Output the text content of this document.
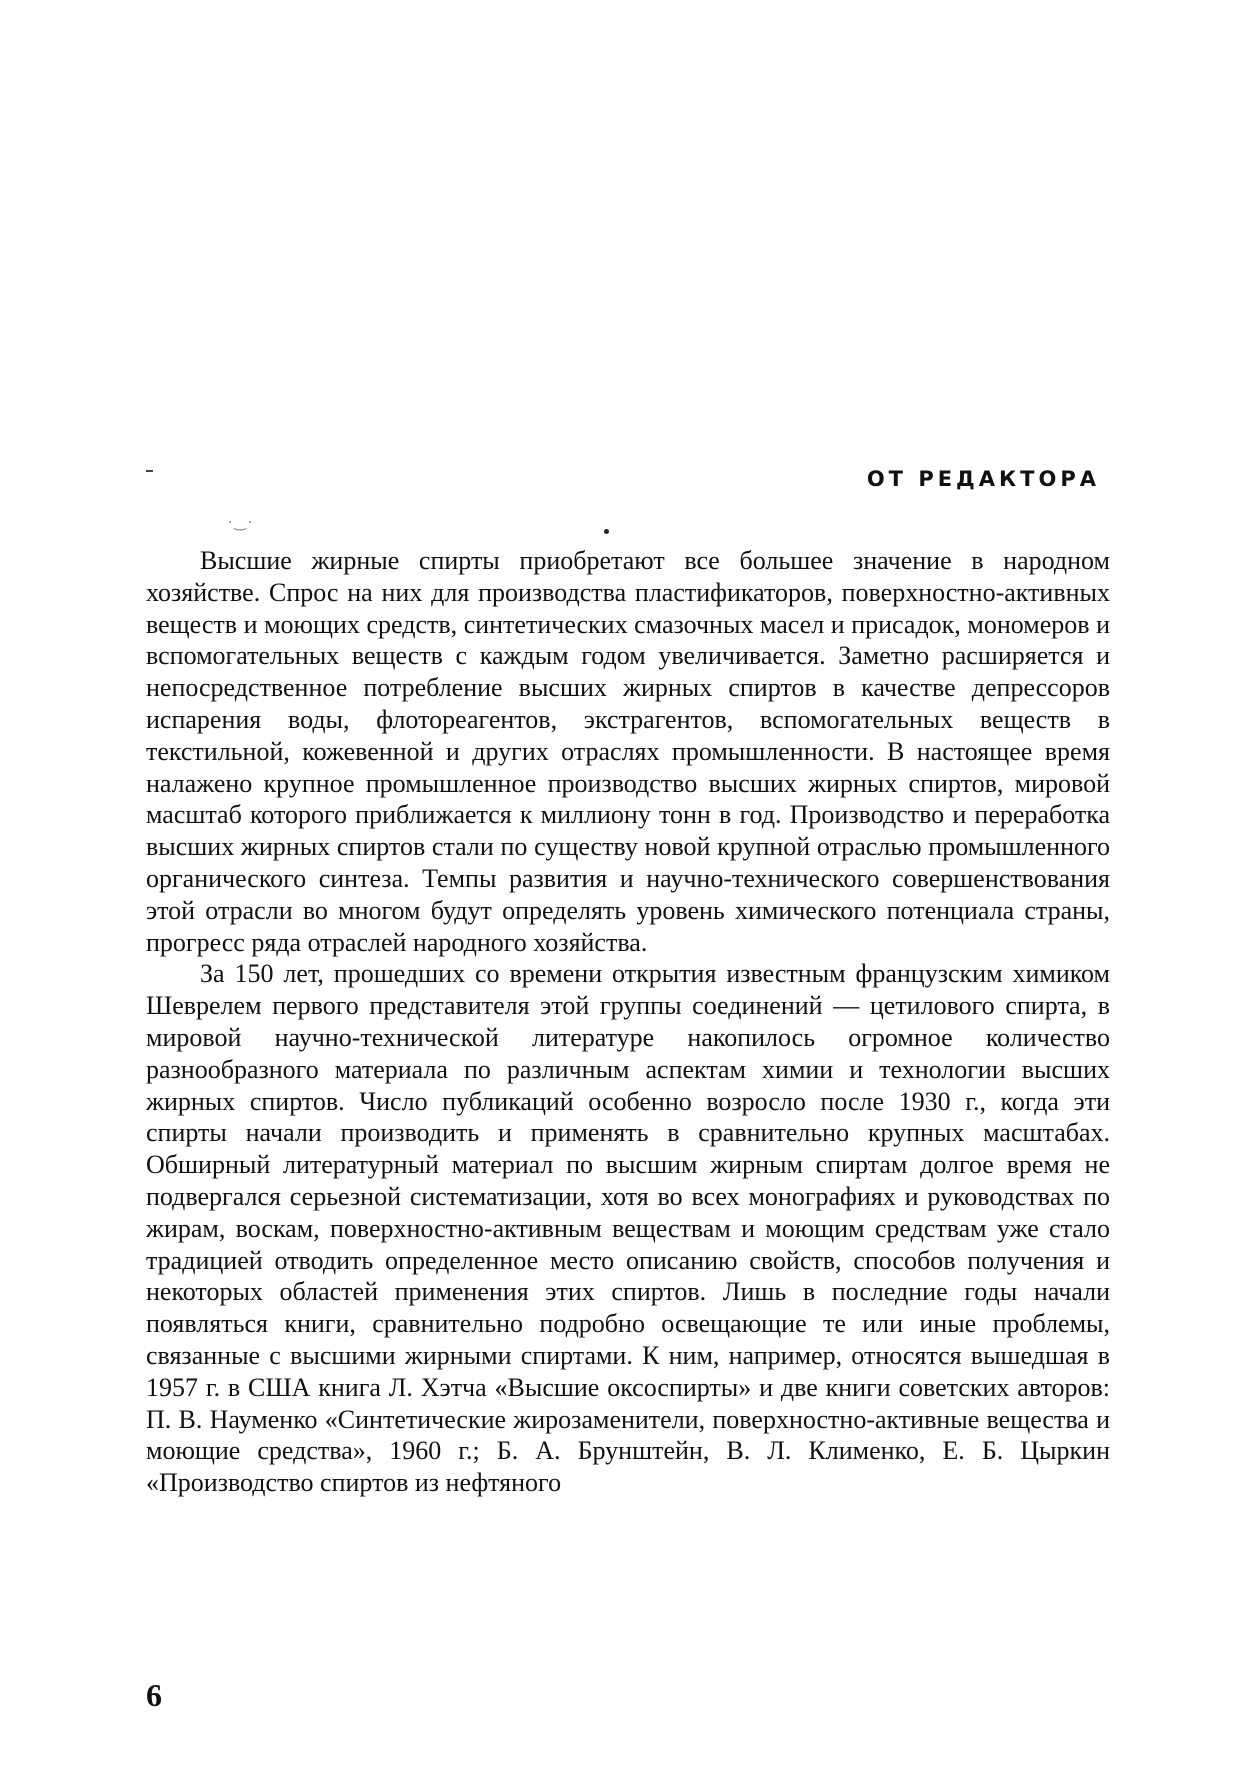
·‿·
ОТ РЕДАКТОРА

Высшие жирные спирты приобретают все большее значение в народном хозяйстве. Спрос на них для производства пластификаторов, поверхностно-активных веществ и моющих средств, синтетических смазочных масел и присадок, мономеров и вспомогательных веществ с каждым годом увеличивается. Заметно расширяется и непосредственное потребление высших жирных спиртов в качестве депрессоров испарения воды, флотореагентов, экстрагентов, вспомогательных веществ в текстильной, кожевенной и других отраслях промышленности. В настоящее время налажено крупное промышленное производство высших жирных спиртов, мировой масштаб которого приближается к миллиону тонн в год. Производство и переработка высших жирных спиртов стали по существу новой крупной отраслью промышленного органического синтеза. Темпы развития и научно-технического совершенствования этой отрасли во многом будут определять уровень химического потенциала страны, прогресс ряда отраслей народного хозяйства.

За 150 лет, прошедших со времени открытия известным французским химиком Шеврелем первого представителя этой группы соединений — цетилового спирта, в мировой научно-технической литературе накопилось огромное количество разнообразного материала по различным аспектам химии и технологии высших жирных спиртов. Число публикаций особенно возросло после 1930 г., когда эти спирты начали производить и применять в сравнительно крупных масштабах. Обширный литературный материал по высшим жирным спиртам долгое время не подвергался серьезной систематизации, хотя во всех монографиях и руководствах по жирам, воскам, поверхностно-активным веществам и моющим средствам уже стало традицией отводить определенное место описанию свойств, способов получения и некоторых областей применения этих спиртов. Лишь в последние годы начали появляться книги, сравнительно подробно освещающие те или иные проблемы, связанные с высшими жирными спиртами. К ним, например, относятся вышедшая в 1957 г. в США книга Л. Хэтча «Высшие оксоспирты» и две книги советских авторов: П. В. Науменко «Синтетические жирозаменители, поверхностно-активные вещества и моющие средства», 1960 г.; Б. А. Брунштейн, В. Л. Клименко, Е. Б. Цыркин «Производство спиртов из нефтяного

6
